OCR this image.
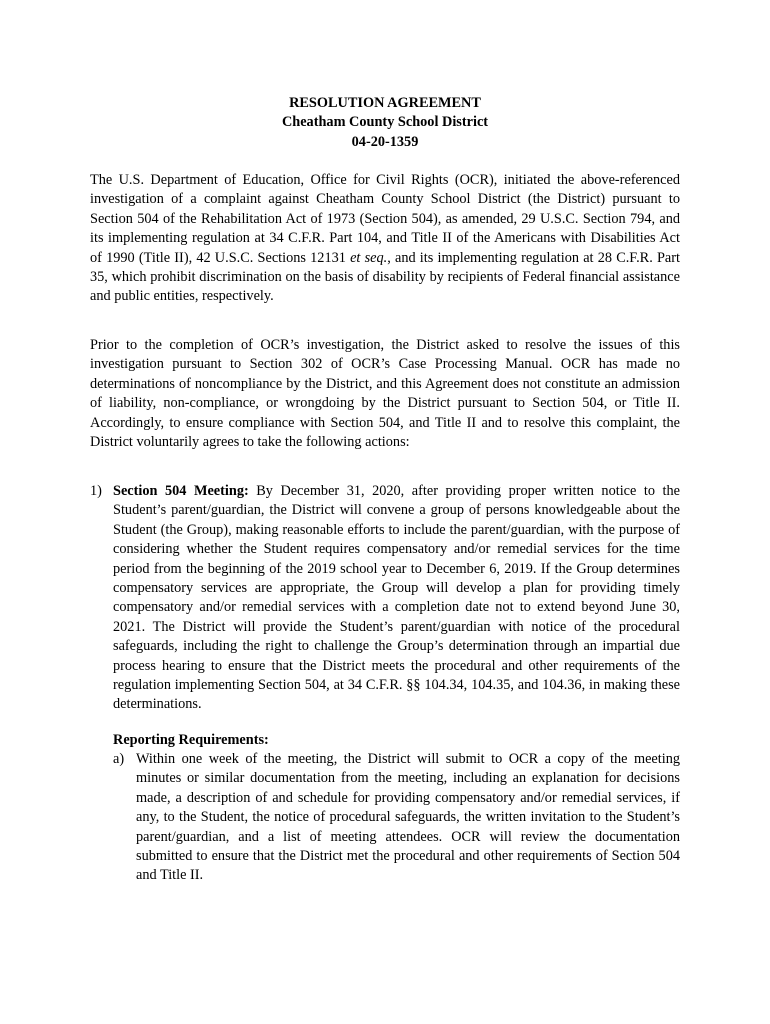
RESOLUTION AGREEMENT
Cheatham County School District
04-20-1359

The U.S. Department of Education, Office for Civil Rights (OCR), initiated the above-referenced investigation of a complaint against Cheatham County School District (the District) pursuant to Section 504 of the Rehabilitation Act of 1973 (Section 504), as amended, 29 U.S.C. Section 794, and its implementing regulation at 34 C.F.R. Part 104, and Title II of the Americans with Disabilities Act of 1990 (Title II), 42 U.S.C. Sections 12131 et seq., and its implementing regulation at 28 C.F.R. Part 35, which prohibit discrimination on the basis of disability by recipients of Federal financial assistance and public entities, respectively.

Prior to the completion of OCR’s investigation, the District asked to resolve the issues of this investigation pursuant to Section 302 of OCR’s Case Processing Manual. OCR has made no determinations of noncompliance by the District, and this Agreement does not constitute an admission of liability, non-compliance, or wrongdoing by the District pursuant to Section 504, or Title II. Accordingly, to ensure compliance with Section 504, and Title II and to resolve this complaint, the District voluntarily agrees to take the following actions:

1) Section 504 Meeting: By December 31, 2020, after providing proper written notice to the Student’s parent/guardian, the District will convene a group of persons knowledgeable about the Student (the Group), making reasonable efforts to include the parent/guardian, with the purpose of considering whether the Student requires compensatory and/or remedial services for the time period from the beginning of the 2019 school year to December 6, 2019. If the Group determines compensatory services are appropriate, the Group will develop a plan for providing timely compensatory and/or remedial services with a completion date not to extend beyond June 30, 2021. The District will provide the Student’s parent/guardian with notice of the procedural safeguards, including the right to challenge the Group’s determination through an impartial due process hearing to ensure that the District meets the procedural and other requirements of the regulation implementing Section 504, at 34 C.F.R. §§ 104.34, 104.35, and 104.36, in making these determinations.

Reporting Requirements:
a) Within one week of the meeting, the District will submit to OCR a copy of the meeting minutes or similar documentation from the meeting, including an explanation for decisions made, a description of and schedule for providing compensatory and/or remedial services, if any, to the Student, the notice of procedural safeguards, the written invitation to the Student’s parent/guardian, and a list of meeting attendees. OCR will review the documentation submitted to ensure that the District met the procedural and other requirements of Section 504 and Title II.
